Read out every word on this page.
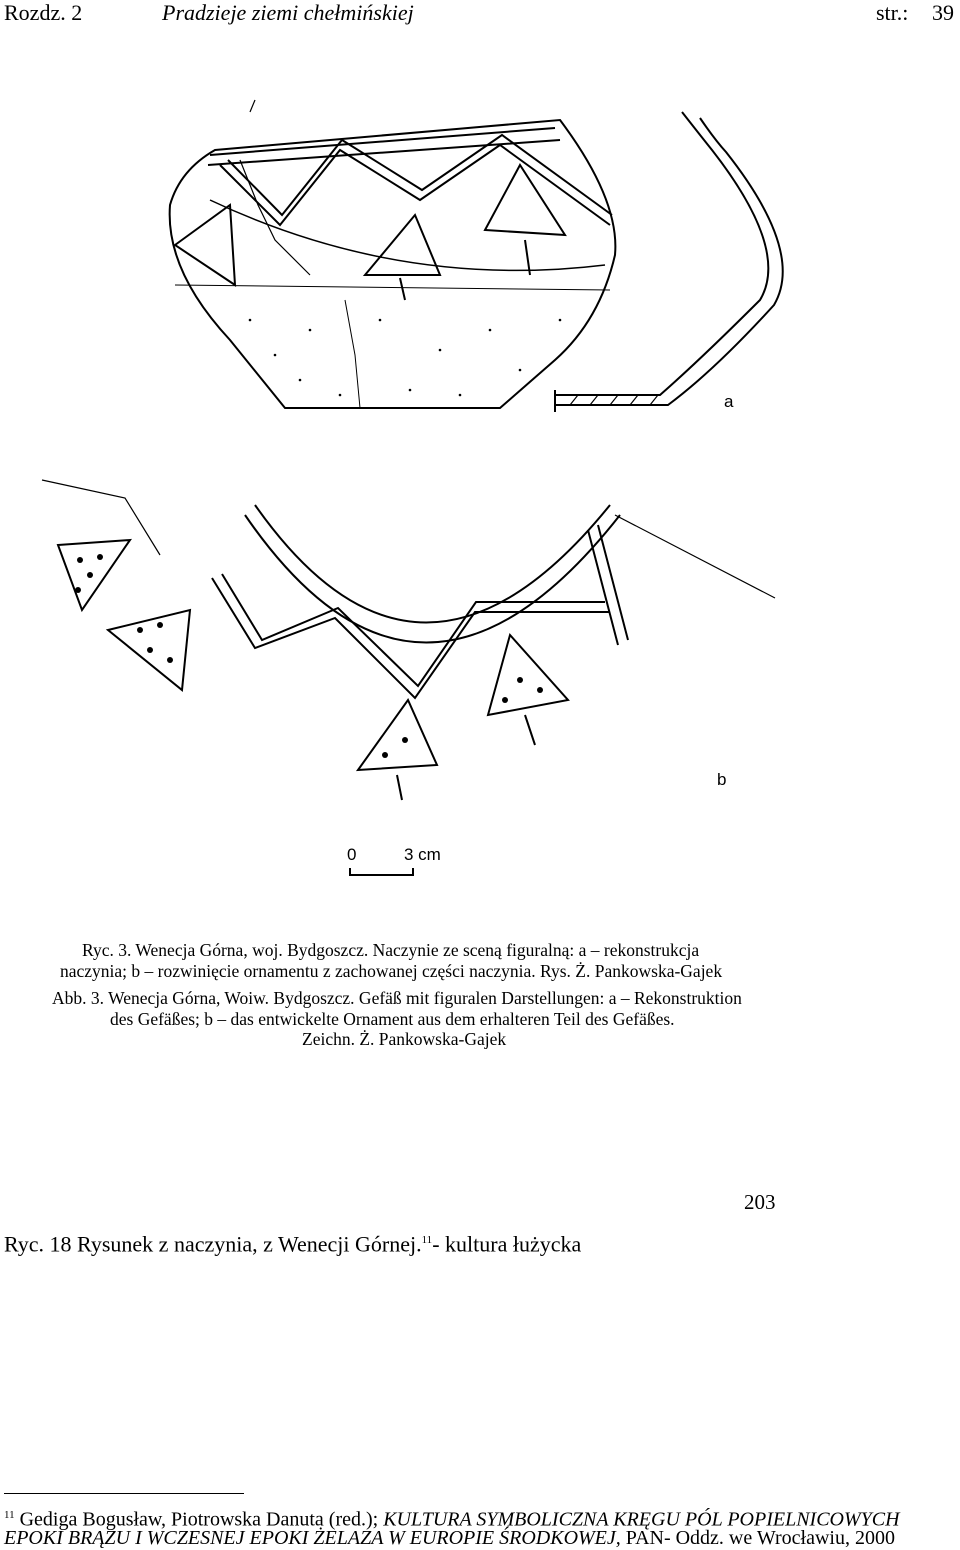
Rozdz. 2	Pradzieje ziemi chełmińskiej	str.: 39
a
b
0	3 cm
Ryc. 3. Wenecja Górna, woj. Bydgoszcz. Naczynie ze sceną figuralną: a – rekonstrukcja
naczynia; b – rozwinięcie ornamentu z zachowanej części naczynia. Rys. Ż. Pankowska-Gajek
Abb. 3. Wenecja Górna, Woiw. Bydgoszcz. Gefäß mit figuralen Darstellungen: a – Rekonstruktion
des Gefäßes; b – das entwickelte Ornament aus dem erhalteren Teil des Gefäßes.
Zeichn. Ż. Pankowska-Gajek
203
Ryc. 18 Rysunek z naczynia, z Wenecji Górnej.$^{11}$- kultura łużycka
$^{11}$ Gediga Bogusław, Piotrowska Danuta (red.); KULTURA SYMBOLICZNA KRĘGU PÓL POPIELNICOWYCH
EPOKI BRĄZU I WCZESNEJ EPOKI ŻELAZA W EUROPIE ŚRODKOWEJ, PAN- Oddz. we Wrocławiu, 2000
